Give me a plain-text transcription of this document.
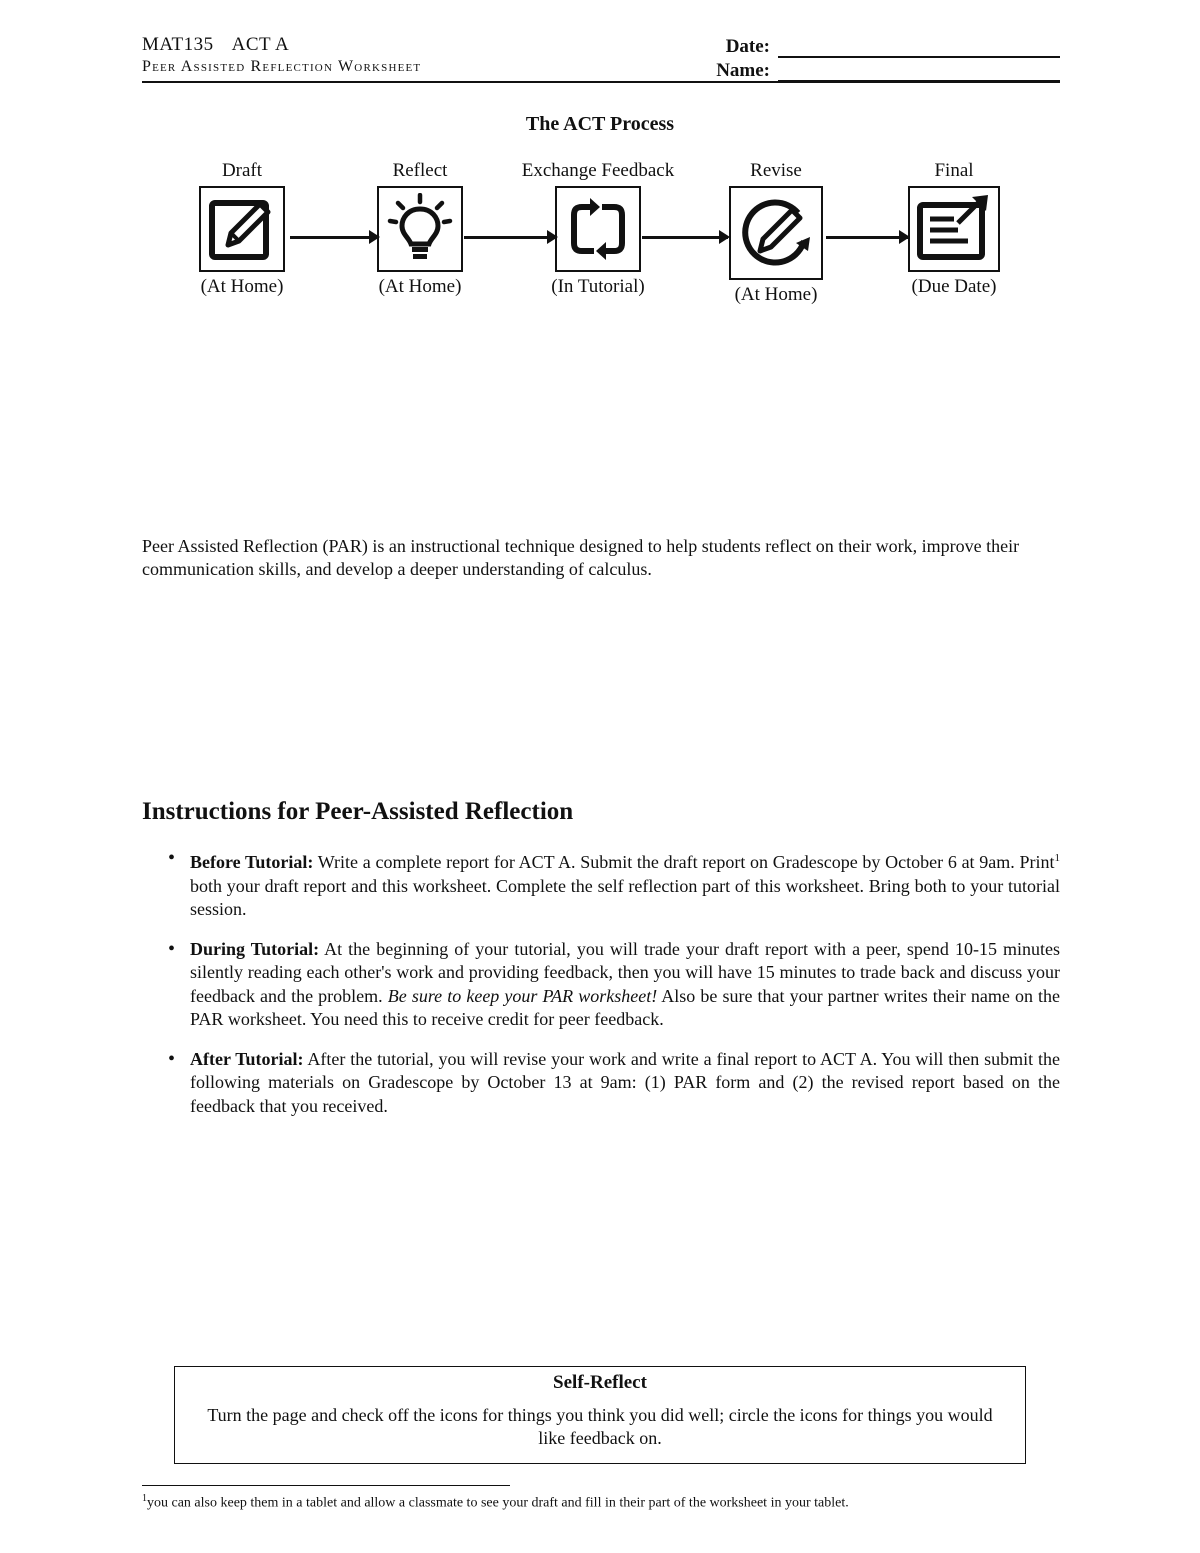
MAT135 ACT A
Peer Assisted Reflection Worksheet
Date:
Name:
The ACT Process
Draft
(At Home)
Reflect
(At Home)
Exchange Feedback
(In Tutorial)
Revise
(At Home)
Final
(Due Date)
Peer Assisted Reflection (PAR) is an instructional technique designed to help students reflect on their work, improve their communication skills, and develop a deeper understanding of calculus.
Instructions for Peer-Assisted Reflection
• Before Tutorial: Write a complete report for ACT A. Submit the draft report on Gradescope by October 6 at 9am. Print$^1$ both your draft report and this worksheet. Complete the self reflection part of this worksheet. Bring both to your tutorial session.
• During Tutorial: At the beginning of your tutorial, you will trade your draft report with a peer, spend 10-15 minutes silently reading each other's work and providing feedback, then you will have 15 minutes to trade back and discuss your feedback and the problem. Be sure to keep your PAR worksheet! Also be sure that your partner writes their name on the PAR worksheet. You need this to receive credit for peer feedback.
• After Tutorial: After the tutorial, you will revise your work and write a final report to ACT A. You will then submit the following materials on Gradescope by October 13 at 9am: (1) PAR form and (2) the revised report based on the feedback that you received.
Self-Reflect
Turn the page and check off the icons for things you think you did well; circle the icons for things you would like feedback on.
$^1$you can also keep them in a tablet and allow a classmate to see your draft and fill in their part of the worksheet in your tablet.
